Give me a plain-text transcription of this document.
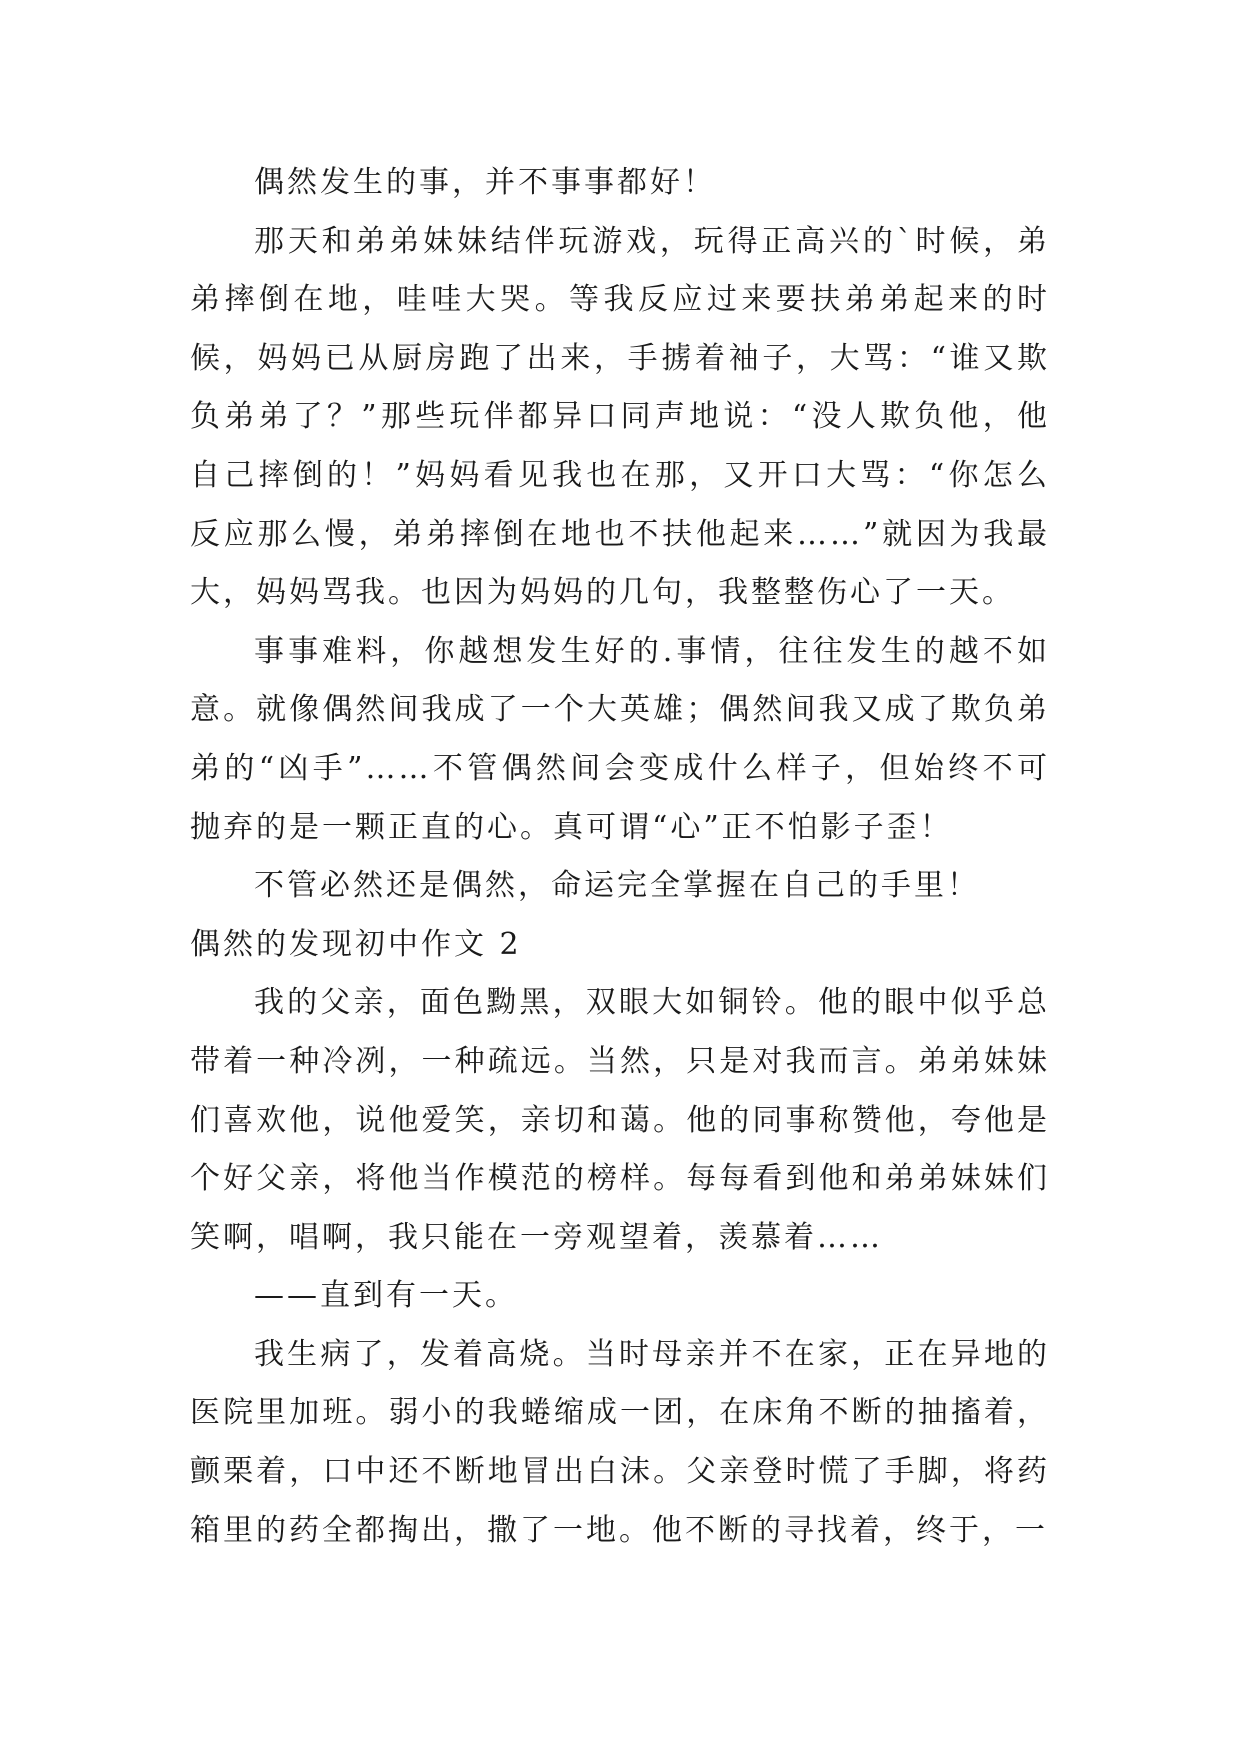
偶然发生的事，并不事事都好！

那天和弟弟妹妹结伴玩游戏，玩得正高兴的`时候，弟弟摔倒在地，哇哇大哭。等我反应过来要扶弟弟起来的时候，妈妈已从厨房跑了出来，手掳着袖子，大骂：“谁又欺负弟弟了？”那些玩伴都异口同声地说：“没人欺负他，他自己摔倒的！”妈妈看见我也在那，又开口大骂：“你怎么反应那么慢，弟弟摔倒在地也不扶他起来……”就因为我最大，妈妈骂我。也因为妈妈的几句，我整整伤心了一天。

事事难料，你越想发生好的.事情，往往发生的越不如意。就像偶然间我成了一个大英雄；偶然间我又成了欺负弟弟的“凶手”……不管偶然间会变成什么样子，但始终不可抛弃的是一颗正直的心。真可谓“心”正不怕影子歪！

不管必然还是偶然，命运完全掌握在自己的手里！

偶然的发现初中作文 2

我的父亲，面色黝黑，双眼大如铜铃。他的眼中似乎总带着一种冷冽，一种疏远。当然，只是对我而言。弟弟妹妹们喜欢他，说他爱笑，亲切和蔼。他的同事称赞他，夸他是个好父亲，将他当作模范的榜样。每每看到他和弟弟妹妹们笑啊，唱啊，我只能在一旁观望着，羡慕着……

——直到有一天。

我生病了，发着高烧。当时母亲并不在家，正在异地的医院里加班。弱小的我蜷缩成一团，在床角不断的抽搐着，颤栗着，口中还不断地冒出白沫。父亲登时慌了手脚，将药箱里的药全都掏出，撒了一地。他不断的寻找着，终于，一
